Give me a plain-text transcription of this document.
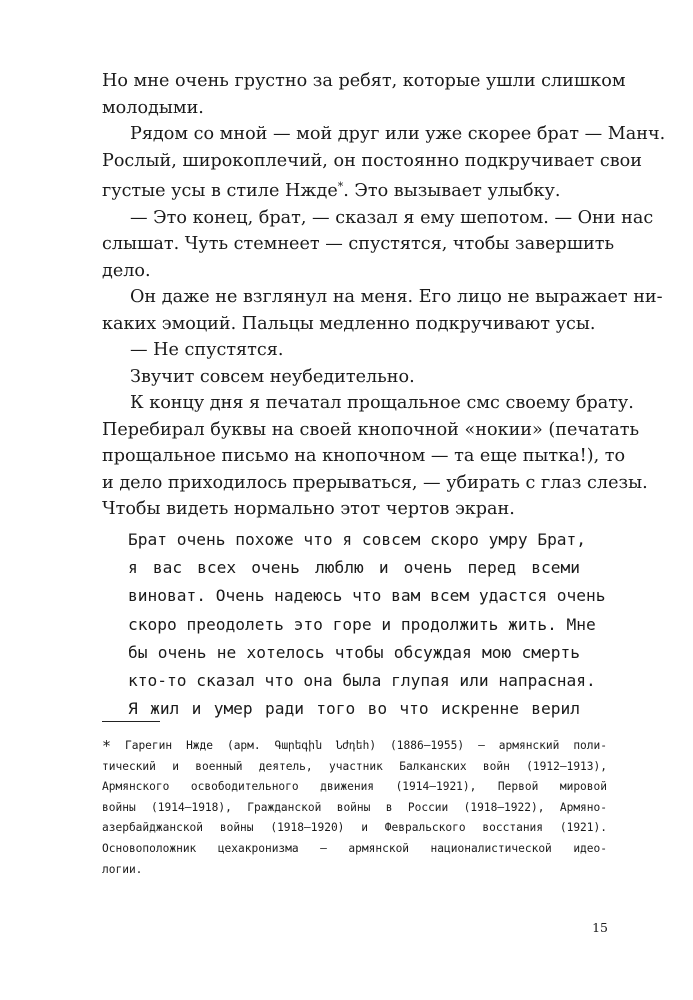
Но мне очень грустно за ребят, которые ушли слишком
молодыми.

Рядом со мной — мой друг или уже скорее брат — Манч.
Рослый, широкоплечий, он постоянно подкручивает свои
густые усы в стиле Нжде*. Это вызывает улыбку.

— Это конец, брат, — сказал я ему шепотом. — Они нас
слышат. Чуть стемнеет — спустятся, чтобы завершить
дело.

Он даже не взглянул на меня. Его лицо не выражает ни-
каких эмоций. Пальцы медленно подкручивают усы.

— Не спустятся.

Звучит совсем неубедительно.

К концу дня я печатал прощальное смс своему брату.
Перебирал буквы на своей кнопочной «нокии» (печатать
прощальное письмо на кнопочном — та еще пытка!), то
и дело приходилось прерываться, — убирать с глаз слезы.
Чтобы видеть нормально этот чертов экран.

Брат очень похоже что я совсем скоро умру Брат,
я вас всех очень люблю и очень перед всеми
виноват. Очень надеюсь что вам всем удастся очень
скоро преодолеть это горе и продолжить жить. Мне
бы очень не хотелось чтобы обсуждая мою смерть
кто-то сказал что она была глупая или напрасная.
Я жил и умер ради того во что искренне верил
* Гарегин Нжде (арм. Գարեգին Նժդեհ) (1886–1955) — армянский поли-
тический и военный деятель, участник Балканских войн (1912–1913),
Армянского освободительного движения (1914–1921), Первой мировой
войны (1914–1918), Гражданской войны в России (1918–1922), Армяно-
азербайджанской войны (1918–1920) и Февральского восстания (1921).
Основоположник цехакронизма — армянской националистической идео-
логии.
15
